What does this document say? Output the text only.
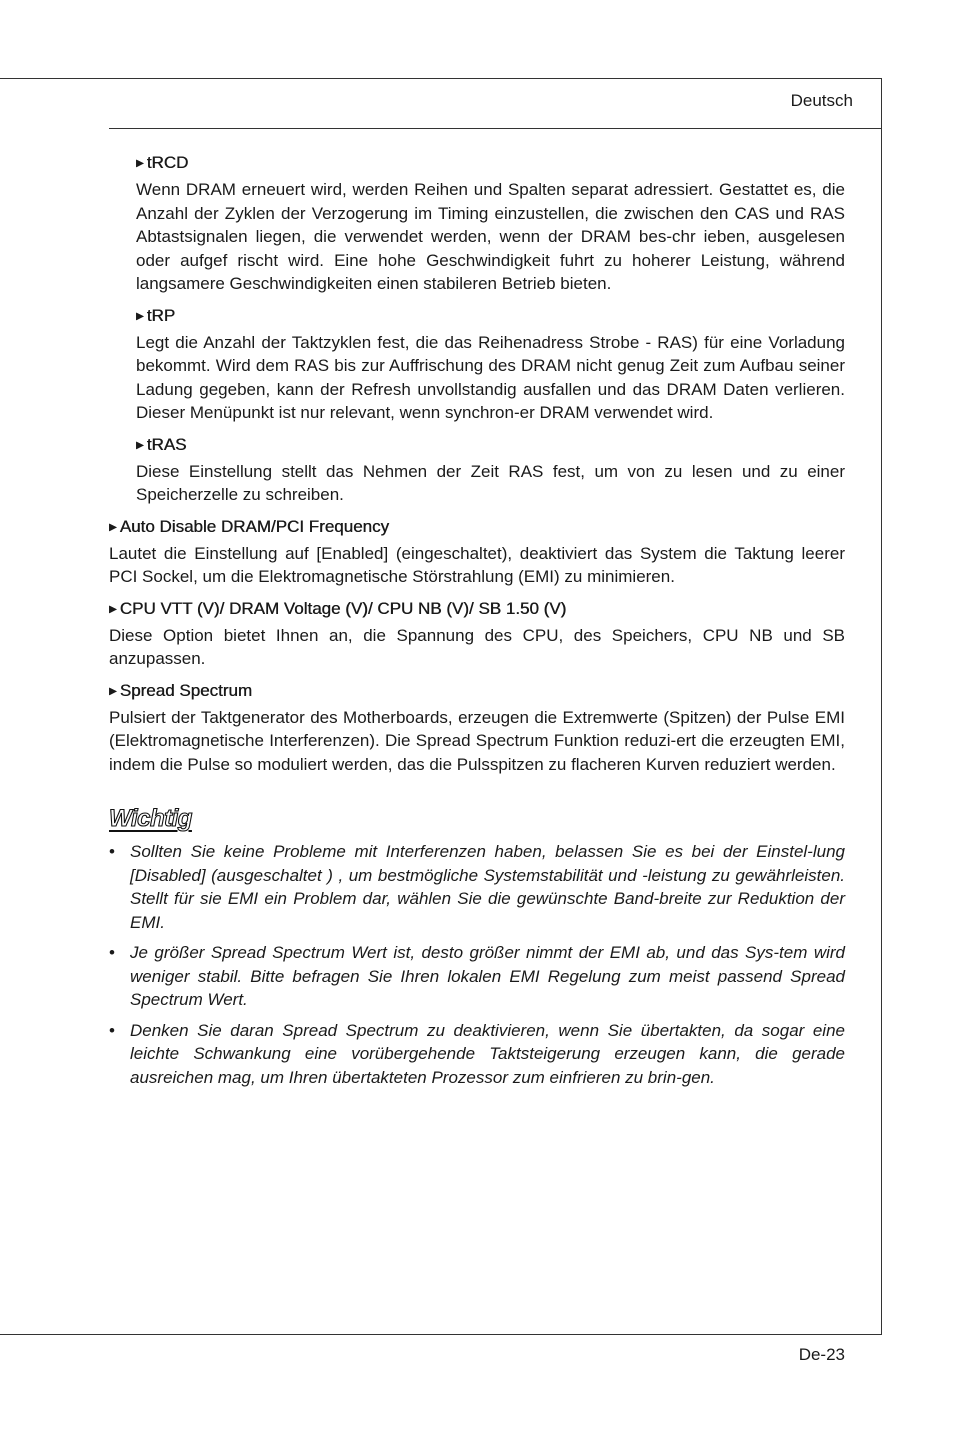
Deutsch
De-23

▶ tRCD

Wenn DRAM erneuert wird, werden Reihen und Spalten separat adressiert. Gestattet es, die Anzahl der Zyklen der Verzogerung im Timing einzustellen, die zwischen den CAS und RAS Abtastsignalen liegen, die verwendet werden, wenn der DRAM bes-chr ieben, ausgelesen oder aufgef rischt wird. Eine hohe Geschwindigkeit fuhrt zu hoherer Leistung, während langsamere Geschwindigkeiten einen stabileren Betrieb bieten.

▶ tRP

Legt die Anzahl der Taktzyklen fest, die das Reihenadress Strobe - RAS) für eine Vorladung bekommt. Wird dem RAS bis zur Auffrischung des DRAM nicht genug Zeit zum Aufbau seiner Ladung gegeben, kann der Refresh unvollstandig ausfallen und das DRAM Daten verlieren. Dieser Menüpunkt ist nur relevant, wenn synchron-er DRAM verwendet wird.

▶ tRAS

Diese Einstellung stellt das Nehmen der Zeit RAS fest, um von zu lesen und zu einer Speicherzelle zu schreiben.

▶ Auto Disable DRAM/PCI Frequency

Lautet die Einstellung auf [Enabled] (eingeschaltet), deaktiviert das System die Taktung leerer PCI Sockel, um die Elektromagnetische Störstrahlung (EMI) zu minimieren.

▶ CPU VTT (V)/ DRAM Voltage (V)/ CPU NB (V)/ SB 1.50 (V)

Diese Option bietet Ihnen an, die Spannung des CPU, des Speichers, CPU NB und SB anzupassen.

▶ Spread Spectrum

Pulsiert der Taktgenerator des Motherboards, erzeugen die Extremwerte (Spitzen) der Pulse EMI (Elektromagnetische Interferenzen). Die Spread Spectrum Funktion reduzi-ert die erzeugten EMI, indem die Pulse so moduliert werden, das die Pulsspitzen zu flacheren Kurven reduziert werden.

Wichtig

• Sollten Sie keine Probleme mit Interferenzen haben, belassen Sie es bei der Einstel-lung [Disabled] (ausgeschaltet ) , um bestmögliche Systemstabilität und -leistung zu gewährleisten. Stellt für sie EMI ein Problem dar, wählen Sie die gewünschte Band-breite zur Reduktion der EMI.
• Je größer Spread Spectrum Wert ist, desto größer nimmt der EMI ab, und das Sys-tem wird weniger stabil. Bitte befragen Sie Ihren lokalen EMI Regelung zum meist passend Spread Spectrum Wert.
• Denken Sie daran Spread Spectrum zu deaktivieren, wenn Sie übertakten, da sogar eine leichte Schwankung eine vorübergehende Taktsteigerung erzeugen kann, die gerade ausreichen mag, um Ihren übertakteten Prozessor zum einfrieren zu brin-gen.
